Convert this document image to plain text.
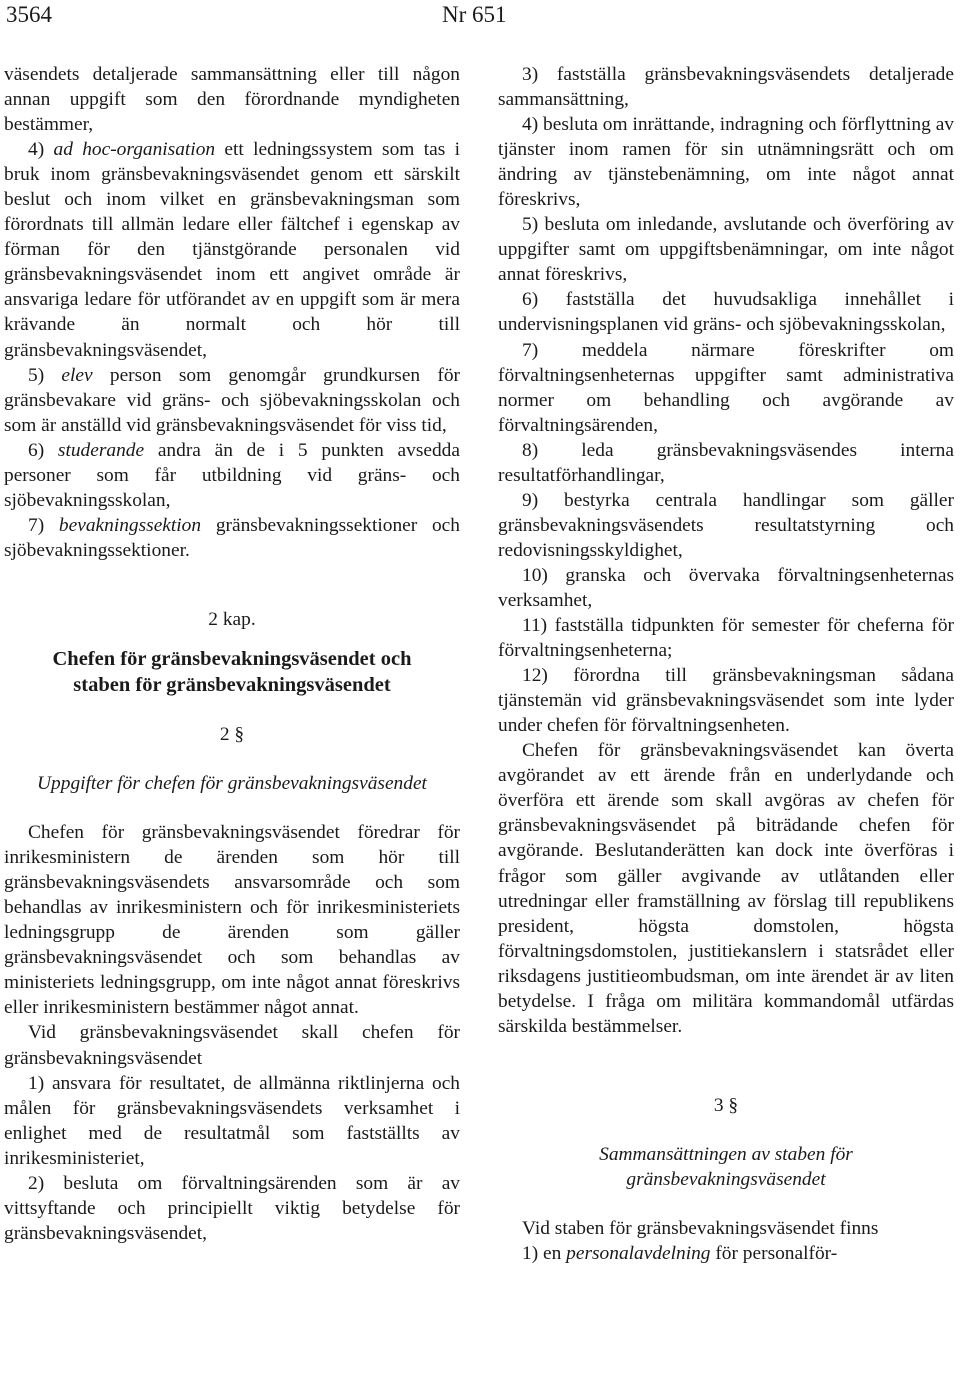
3564	Nr 651

väsendets detaljerade sammansättning eller till någon annan uppgift som den förordnande myndigheten bestämmer,

4) ad hoc-organisation ett ledningssystem som tas i bruk inom gränsbevakningsväsendet genom ett särskilt beslut och inom vilket en gränsbevakningsman som förordnats till allmän ledare eller fältchef i egenskap av förman för den tjänstgörande personalen vid gränsbevakningsväsendet inom ett angivet område är ansvariga ledare för utförandet av en uppgift som är mera krävande än normalt och hör till gränsbevakningsväsendet,

5) elev person som genomgår grundkursen för gränsbevakare vid gräns- och sjöbevakningsskolan och som är anställd vid gränsbevakningsväsendet för viss tid,

6) studerande andra än de i 5 punkten avsedda personer som får utbildning vid gräns- och sjöbevakningsskolan,

7) bevakningssektion gränsbevakningssektioner och sjöbevakningssektioner.

2 kap.

Chefen för gränsbevakningsväsendet och staben för gränsbevakningsväsendet

2 §

Uppgifter för chefen för gränsbevakningsväsendet

Chefen för gränsbevakningsväsendet föredrar för inrikesministern de ärenden som hör till gränsbevakningsväsendets ansvarsområde och som behandlas av inrikesministern och för inrikesministeriets ledningsgrupp de ärenden som gäller gränsbevakningsväsendet och som behandlas av ministeriets ledningsgrupp, om inte något annat föreskrivs eller inrikesministern bestämmer något annat.

Vid gränsbevakningsväsendet skall chefen för gränsbevakningsväsendet

1) ansvara för resultatet, de allmänna riktlinjerna och målen för gränsbevakningsväsendets verksamhet i enlighet med de resultatmål som fastställts av inrikesministeriet,

2) besluta om förvaltningsärenden som är av vittsyftande och principiellt viktig betydelse för gränsbevakningsväsendet,

3) fastställa gränsbevakningsväsendets detaljerade sammansättning,

4) besluta om inrättande, indragning och förflyttning av tjänster inom ramen för sin utnämningsrätt och om ändring av tjänstebenämning, om inte något annat föreskrivs,

5) besluta om inledande, avslutande och överföring av uppgifter samt om uppgiftsbenämningar, om inte något annat föreskrivs,

6) fastställa det huvudsakliga innehållet i undervisningsplanen vid gräns- och sjöbevakningsskolan,

7) meddela närmare föreskrifter om förvaltningsenheternas uppgifter samt administrativa normer om behandling och avgörande av förvaltningsärenden,

8) leda gränsbevakningsväsendes interna resultatförhandlingar,

9) bestyrka centrala handlingar som gäller gränsbevakningsväsendets resultatstyrning och redovisningsskyldighet,

10) granska och övervaka förvaltningsenheternas verksamhet,

11) fastställa tidpunkten för semester för cheferna för förvaltningsenheterna;

12) förordna till gränsbevakningsman sådana tjänstemän vid gränsbevakningsväsendet som inte lyder under chefen för förvaltningsenheten.

Chefen för gränsbevakningsväsendet kan överta avgörandet av ett ärende från en underlydande och överföra ett ärende som skall avgöras av chefen för gränsbevakningsväsendet på biträdande chefen för avgörande. Beslutanderätten kan dock inte överföras i frågor som gäller avgivande av utlåtanden eller utredningar eller framställning av förslag till republikens president, högsta domstolen, högsta förvaltningsdomstolen, justitiekanslern i statsrådet eller riksdagens justitieombudsman, om inte ärendet är av liten betydelse. I fråga om militära kommandomål utfärdas särskilda bestämmelser.

3 §

Sammansättningen av staben för gränsbevakningsväsendet

Vid staben för gränsbevakningsväsendet finns

1) en personalavdelning för personalför-
